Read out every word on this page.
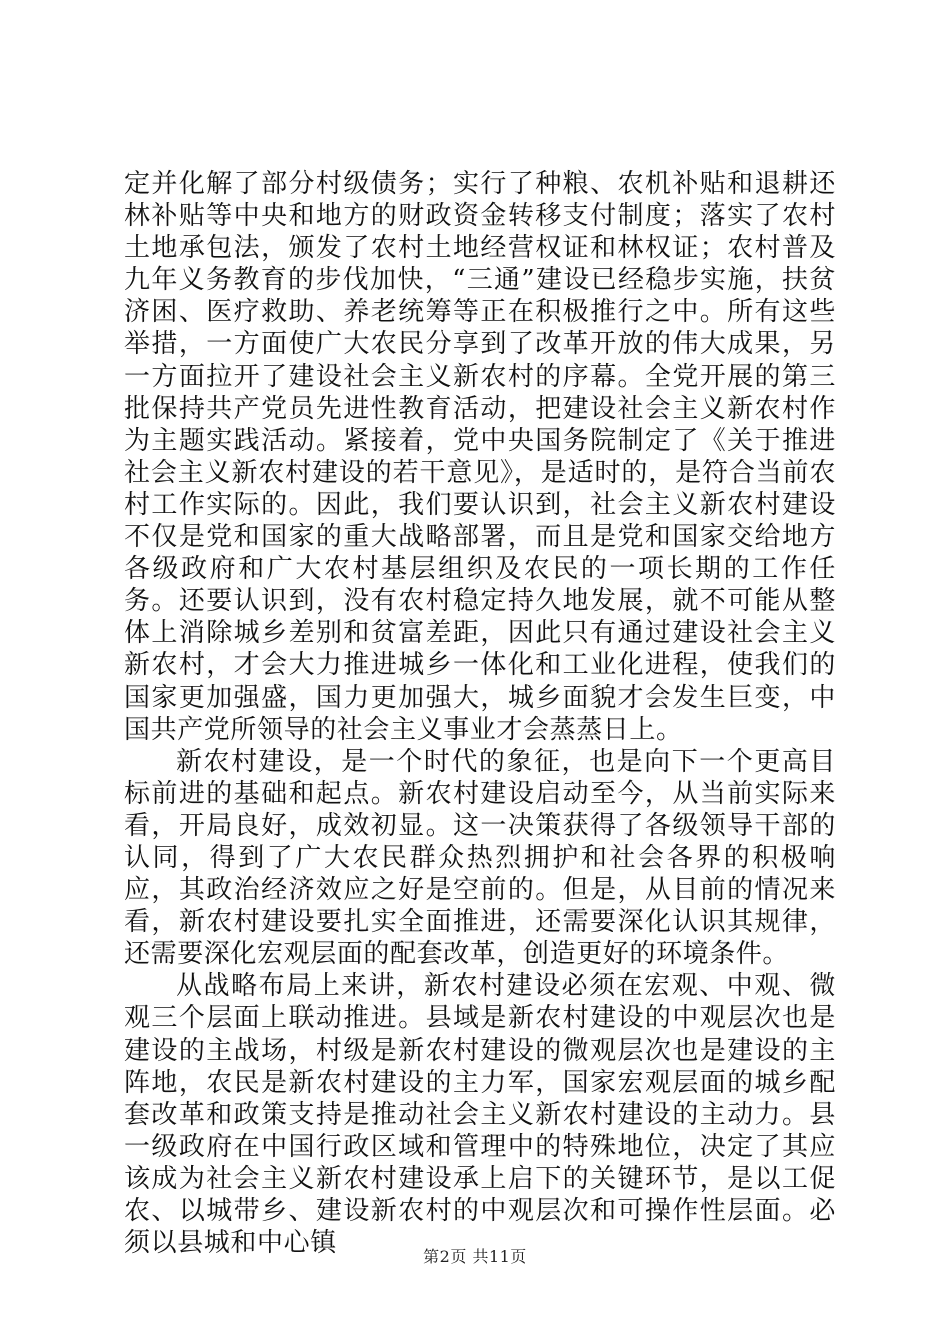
定并化解了部分村级债务；实行了种粮、农机补贴和退耕还林补贴等中央和地方的财政资金转移支付制度；落实了农村土地承包法，颁发了农村土地经营权证和林权证；农村普及九年义务教育的步伐加快，“三通”建设已经稳步实施，扶贫济困、医疗救助、养老统筹等正在积极推行之中。所有这些举措，一方面使广大农民分享到了改革开放的伟大成果，另一方面拉开了建设社会主义新农村的序幕。全党开展的第三批保持共产党员先进性教育活动，把建设社会主义新农村作为主题实践活动。紧接着，党中央国务院制定了《关于推进社会主义新农村建设的若干意见》，是适时的，是符合当前农村工作实际的。因此，我们要认识到，社会主义新农村建设不仅是党和国家的重大战略部署，而且是党和国家交给地方各级政府和广大农村基层组织及农民的一项长期的工作任务。还要认识到，没有农村稳定持久地发展，就不可能从整体上消除城乡差别和贫富差距，因此只有通过建设社会主义新农村，才会大力推进城乡一体化和工业化进程，使我们的国家更加强盛，国力更加强大，城乡面貌才会发生巨变，中国共产党所领导的社会主义事业才会蒸蒸日上。

新农村建设，是一个时代的象征，也是向下一个更高目标前进的基础和起点。新农村建设启动至今，从当前实际来看，开局良好，成效初显。这一决策获得了各级领导干部的认同，得到了广大农民群众热烈拥护和社会各界的积极响应，其政治经济效应之好是空前的。但是，从目前的情况来看，新农村建设要扎实全面推进，还需要深化认识其规律，还需要深化宏观层面的配套改革，创造更好的环境条件。

从战略布局上来讲，新农村建设必须在宏观、中观、微观三个层面上联动推进。县域是新农村建设的中观层次也是建设的主战场，村级是新农村建设的微观层次也是建设的主阵地，农民是新农村建设的主力军，国家宏观层面的城乡配套改革和政策支持是推动社会主义新农村建设的主动力。县一级政府在中国行政区域和管理中的特殊地位，决定了其应该成为社会主义新农村建设承上启下的关键环节，是以工促农、以城带乡、建设新农村的中观层次和可操作性层面。必须以县城和中心镇	第2页 共11页
